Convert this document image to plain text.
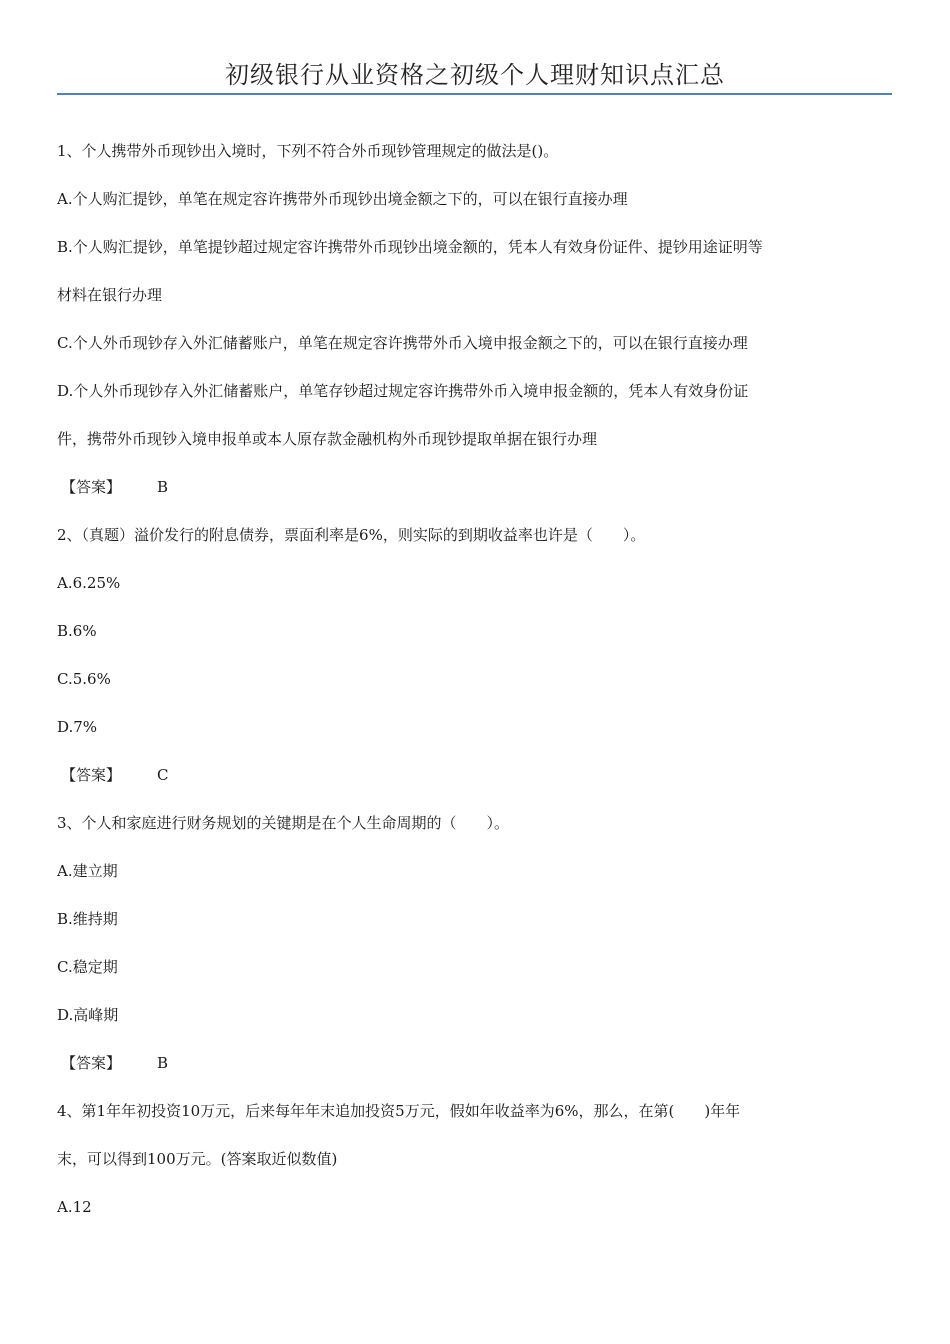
初级银行从业资格之初级个人理财知识点汇总
1、个人携带外币现钞出入境时，下列不符合外币现钞管理规定的做法是()。
A.个人购汇提钞，单笔在规定容许携带外币现钞出境金额之下的，可以在银行直接办理
B.个人购汇提钞，单笔提钞超过规定容许携带外币现钞出境金额的，凭本人有效身份证件、提钞用途证明等
材料在银行办理
C.个人外币现钞存入外汇储蓄账户，单笔在规定容许携带外币入境申报金额之下的，可以在银行直接办理
D.个人外币现钞存入外汇储蓄账户，单笔存钞超过规定容许携带外币入境申报金额的，凭本人有效身份证
件，携带外币现钞入境申报单或本人原存款金融机构外币现钞提取单据在银行办理
【答案】 B
2、（真题）溢价发行的附息债券，票面利率是6%，则实际的到期收益率也许是（　　）。
A.6.25%
B.6%
C.5.6%
D.7%
【答案】 C
3、个人和家庭进行财务规划的关键期是在个人生命周期的（　　）。
A.建立期
B.维持期
C.稳定期
D.高峰期
【答案】 B
4、第1年年初投资10万元，后来每年年末追加投资5万元，假如年收益率为6%，那么，在第(　　)年年
末，可以得到100万元。(答案取近似数值)
A.12
